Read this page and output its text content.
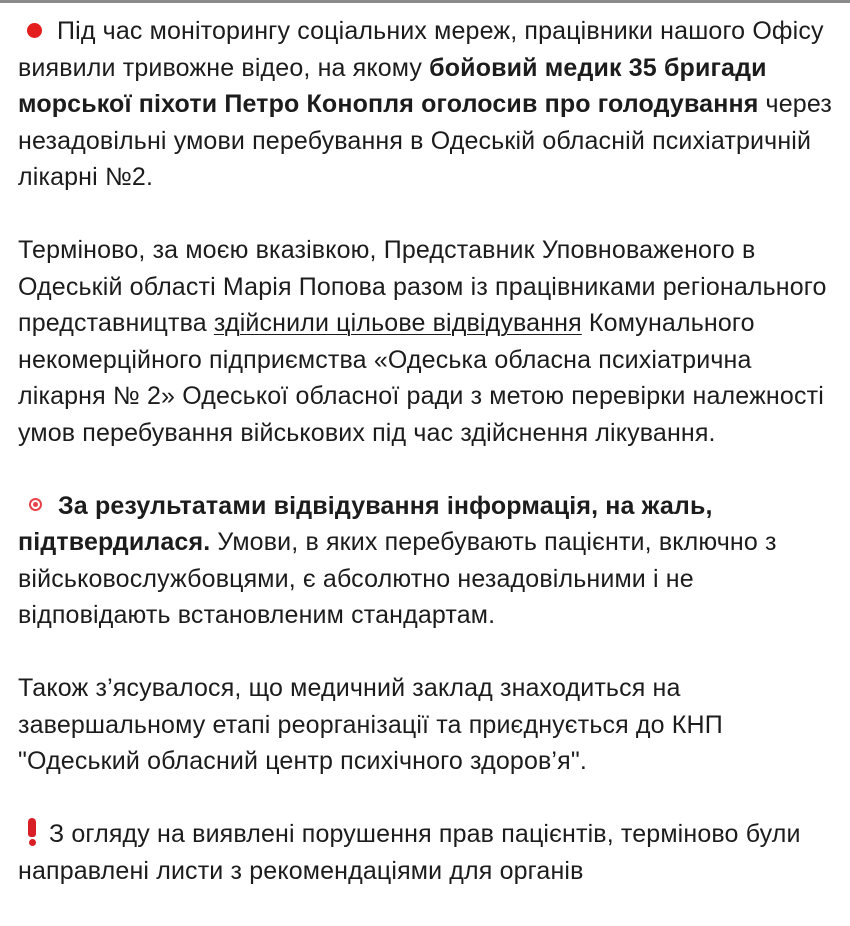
Під час моніторингу соціальних мереж, працівники нашого Офісу виявили тривожне відео, на якому бойовий медик 35 бригади морської піхоти Петро Конопля оголосив про голодування через незадовільні умови перебування в Одеській обласній психіатричній лікарні №2.

Терміново, за моєю вказівкою, Представник Уповноваженого в Одеській області Марія Попова разом із працівниками регіонального представництва здійснили цільове відвідування Комунального некомерційного підприємства «Одеська обласна психіатрична лікарня № 2» Одеської обласної ради з метою перевірки належності умов перебування військових під час здійснення лікування.

За результатами відвідування інформація, на жаль, підтвердилася. Умови, в яких перебувають пацієнти, включно з військовослужбовцями, є абсолютно незадовільними і не відповідають встановленим стандартам.

Також з’ясувалося, що медичний заклад знаходиться на завершальному етапі реорганізації та приєднується до КНП "Одеський обласний центр психічного здоров’я".

З огляду на виявлені порушення прав пацієнтів, терміново були направлені листи з рекомендаціями для органів
